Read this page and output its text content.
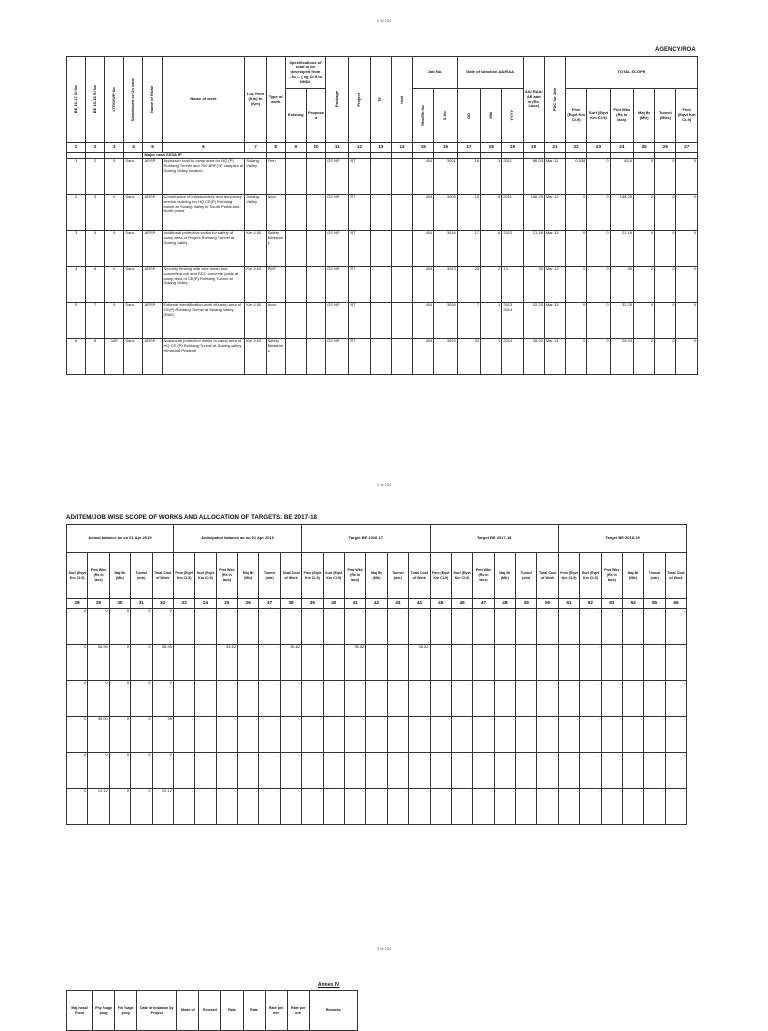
1 of 234
AGENCY/ROA
BE 16-17 Sl No	BE 15-16 Sl No	LTRO/WP No	Sanctioned or Un sanc	Name of Road	Name of work	Loc from (Km) to (Km)	Type of work	Specifications of road to be developed from ...to ... ( eg Cl-9 to NHDL		Package	Project	TF	Unit	Job No.		Date of sanction AA/RAA			AA/ RAA/ AE amt in (Rs. Lacs)	PDC for Job	TOTAL SCOPE					

								Existing	Propose d					Rbo/Rb No	S No	DD	MM	YYYY			Fmn (Eqvt Km Cl-9)	Surf (Eqvt Km Cl-9)	Pmt Wks (Rs in lacs)	Maj Br (Mtr)	Tunnel (Mtrs)	Fmn (Eqvt Km Cl-9)
1	2	3	4	5	6	7	8	9	10	11	12	13	14	15	16	17	18	19	20	21	22	23	24	25	26	27
				Major road SSSA IP																						
1	2	0	Sanc	ARSP	Approach road to camp area for HQ (P) Rohtang Tunnel and 750 BRF(TF camples at Solang Valley location	Solang Valley	Fmn			GS NP	RT	-		404	3001	16	3	2011	86.05	Mar-11	0.538	0	65.6	0	0	0
2	3	0	Sanc	ARSP	Construction of infrastructure and temporary service building for HQ CE(P) Rohtang tunnel at Solang Valley in South Portal and North portal	Solang Valley	Accn			GS NP	RT	-		404	3003	15	6	2011	158.25	Mar-12	0	0	158.25	0	0	0
3	5	0	Sanc	ARSP	Additional protective works for safety of camp area of Project Rohtang Tunnel at Solang valley	Km 4.00	Safety Measure s			GS NP	RT	-		404	3016	17	8	2012	21.18	Mar-13	0	0	21.18	0	0	0
4	6	0	Sanc	ARSP	Security fencing with wire mesh and concertina coil and RCC concrete posts at camp area of CE(P) Rohtang Tunnel at Solang Valley	Km 4.00	PMT			GS NP	RT	-		404	3023	25	7	13	39	Mar-13	0	0	39	0	0	0
5	7	0	Sanc	ARSP	External electrification work at camp area of CE(P) Rohtang Tunnel at Solang Valley (RAE)	Km 4.00	Accn			GS NP	RT	-		404	3026	7	1	2013 2014	32.25	Mar-13	0	0	32.25	0	0	0
6	8	185	Sanc	ARSP	Avalanche protection works to camp area of HQ CE (P) Rohtang Tunnel at Solang valley, Himachal Pradesh	Km 4.00	Safety Measure s			GS NP	RT	-		404	3029	31	1	2014	28.93	Mar-14	0	0	28.93	0	0	0
2 of 234
AD/ITEM/JOB WISE SCOPE OF WORKS AND ALLOCATION OF TARGETS: BE 2017-18
Actual balance as on 01 Apr 2015					Anticipated balance as on 01 Apr 2016						Target BE 2016-17						Target BE 2017-18						Target BE 2018-19					
Surf (Eqvt Km Cl-9)	Pmt Wks (Rs in lacs)	Maj Br (Mtr)	Tunnel (mtr)	Total Cost of Work	Fmn (Eqvt Km Cl-9)	Surf (Eqvt Km Cl-9)	Pmt Wks (Rs in lacs)	Maj Br (Mtr)	Tunnel (mtr)	Total Cost of Work	Fmn (Eqvt Km Cl-9)	Surf (Eqvt Km Cl-9)	Pmt Wks (Rs in lacs)	Maj Br (Mtr)	Tunnel (mtr)	Total Cost of Work	Fmn (Eqvt Km Cl-9)	Surf (Eqvt Km Cl-9)	Pmt Wks (Rs in lacs)	Maj Br (Mtr)	Tunnel (mtr)	Total Cost of Work	Fmn (Eqvt Km Cl-9)	Surf (Eqvt Km Cl-9)	Pmt Wks (Rs in lacs)	Maj Br (Mtr)	Tunnel (mtr)	Total Cost of Work
28	29	30	31	32	33	24	25	26	37	38	39	40	41	42	43	44	45	46	47	48	49	50	51	52	53	54	55	56
0	0	0	0	0	-	-	-	-	-	-	-	-	-	-	-	-	-	-	-	-	-	-	-	-	-	-	-	-
0	56.95	0	0	56.95	-	-	35.62	-	-	35.62	-	-	35.62	-	-	35.62	-	-	-	-	-	-	-	-	-	-	-	-
0	0	0	0	0	-	-	-	-	-	-	-	-	-	-	-	-	-	-	-	-	-	-	-	-	-	-	-	-
0	39.00	0	0	39	-	-	-	-	-	-	-	-	-	-	-	-	-	-	-	-	-	-	-	-	-	-	-	-
0	0	0	0	0	-	-	-	-	-	-	-	-	-	-	-	-	-	-	-	-	-	-	-	-	-	-	-	-
0	10.12	0	0	10.12	-	-	-	-	-	-	-	-	-	-	-	-	-	-	-	-	-	-	-	-	-	-	-	-
3 of 234
Annex IV
Maj head/ Fund	Phy %age prog	Fin %age prog	Date of initiation by Project	Mode of	Revised	Rate	Rate	Rate per mtr	Rate per mtr	Remarks
